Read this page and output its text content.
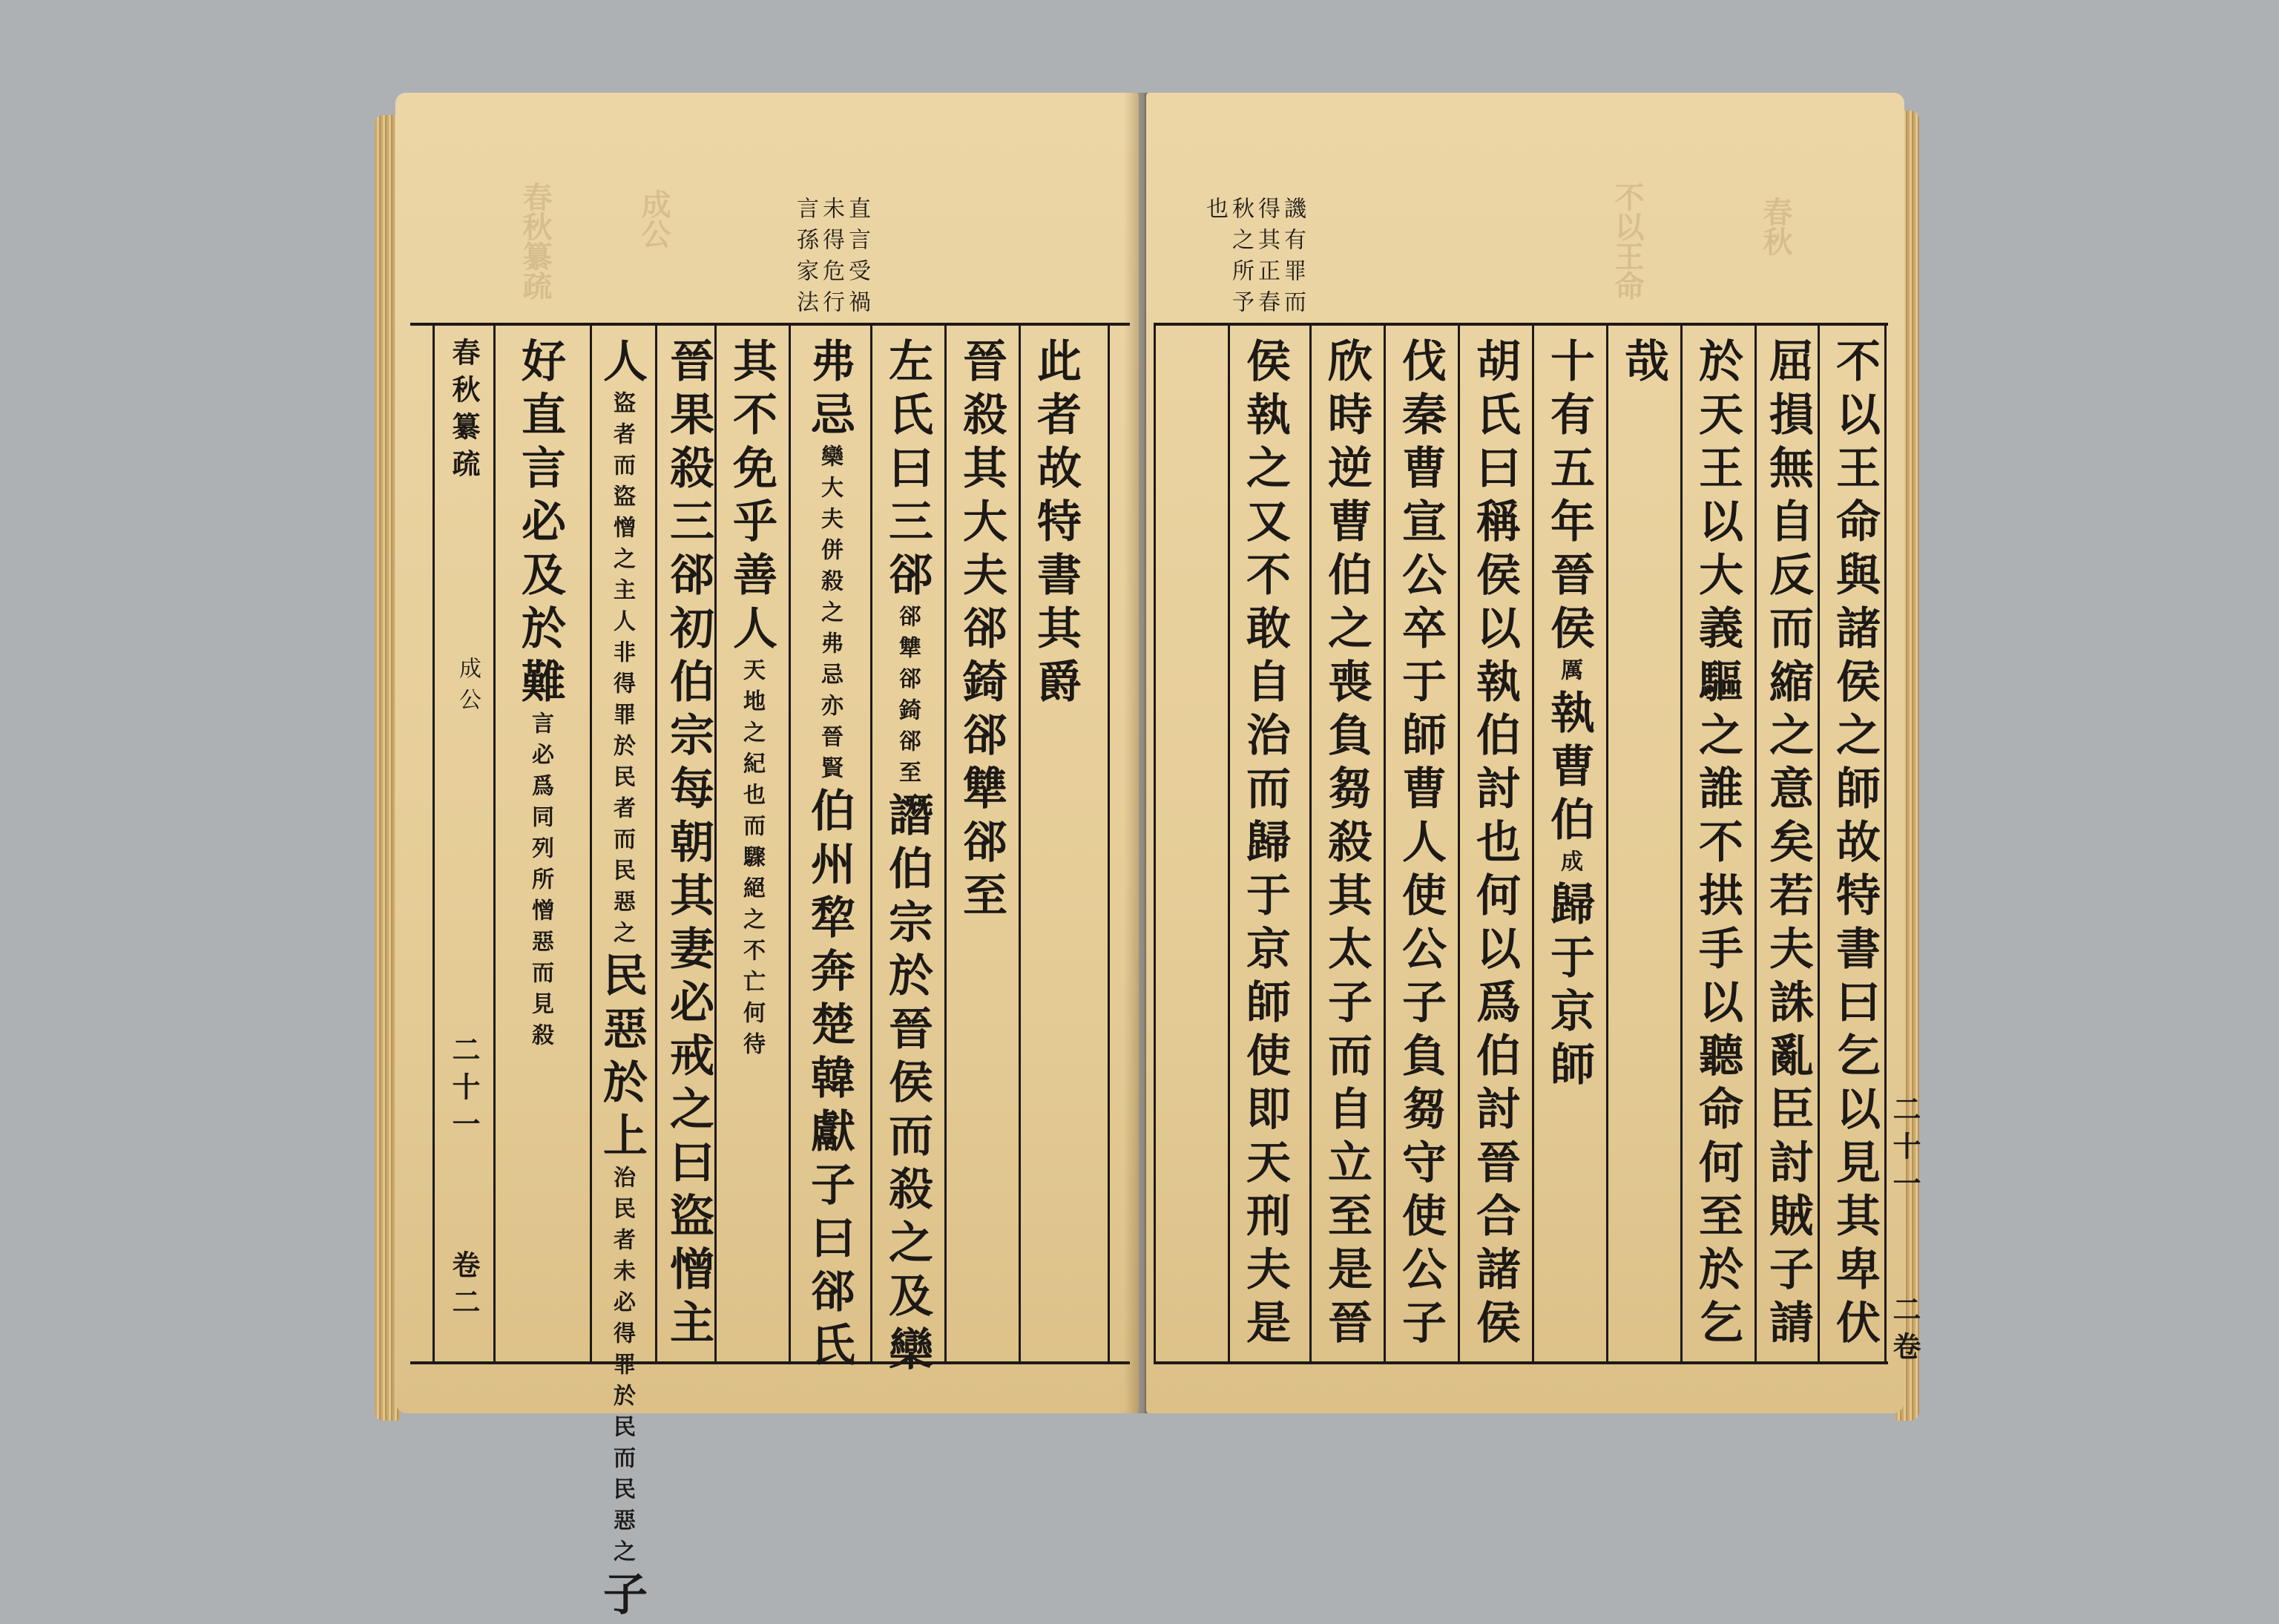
春秋纂疏	成公	言孫家法 未得危行 直言受禍
春秋纂疏
成公
二十一
卷二
好直言必及於難言必爲同列所憎惡而見殺
人盜者而盜憎之主人非得罪於民者而民惡之民惡於上治民者未必得罪於民而民惡之子
晉果殺三郤初伯宗每朝其妻必戒之曰盜憎主 其不免乎善人天地之紀也而驟絕之不亡何待
弗忌欒大夫併殺之弗忌亦晉賢伯州犂奔楚韓獻子曰郤氏
左氏曰三郤郤犨郤錡郤至譖伯宗於晉侯而殺之及欒
晉殺其大夫郤錡郤犨郤至 此者故特書其爵
不以王命	春秋
譏有罪而
得其正春
秋之所予
也
不以王命與諸侯之師故特書曰乞以見其卑伏
屈損無自反而縮之意矣若夫誅亂臣討賊子請
於天王以大義驅之誰不拱手以聽命何至於乞
哉
十有五年晉侯厲執曹伯成歸于京師
胡氏曰稱侯以執伯討也何以爲伯討晉合諸侯
伐秦曹宣公卒于師曹人使公子負芻守使公子
欣時逆曹伯之喪負芻殺其太子而自立至是晉
侯執之又不敢自治而歸于京師使即天刑夫是	二十一
二卷
